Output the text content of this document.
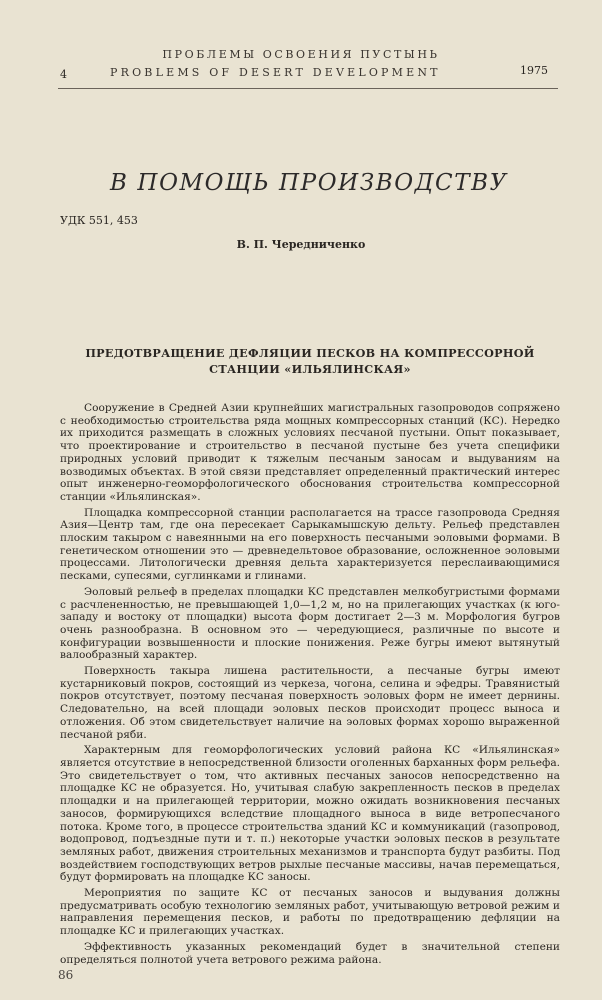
ПРОБЛЕМЫ ОСВОЕНИЯ ПУСТЫНЬ
4	PROBLEMS OF DESERT DEVELOPMENT	1975
В ПОМОЩЬ ПРОИЗВОДСТВУ
УДК 551, 453
В. П. Чередниченко
ПРЕДОТВРАЩЕНИЕ ДЕФЛЯЦИИ ПЕСКОВ НА КОМПРЕССОРНОЙ СТАНЦИИ «ИЛЬЯЛИНСКАЯ»

Сооружение в Средней Азии крупнейших магистральных газопроводов сопряжено с необходимостью строительства ряда мощных компрессорных станций (КС). Нередко их приходится размещать в сложных условиях песчаной пустыни. Опыт показывает, что проектирование и строительство в песчаной пустыне без учета специфики природных условий приводит к тяжелым песчаным заносам и выдуваниям на возводимых объектах. В этой связи представляет определенный практический интерес опыт инженерно-геоморфологического обоснования строительства компрессорной станции «Ильялинская».

Площадка компрессорной станции располагается на трассе газопровода Средняя Азия—Центр там, где она пересекает Сарыкамышскую дельту. Рельеф представлен плоским такыром с навеянными на его поверхность песчаными эоловыми формами. В генетическом отношении это — древнедельтовое образование, осложненное эоловыми процессами. Литологически древняя дельта характеризуется переслаивающимися песками, супесями, суглинками и глинами.

Эоловый рельеф в пределах площадки КС представлен мелкобугристыми формами с расчлененностью, не превышающей 1,0—1,2 м, но на прилегающих участках (к юго-западу и востоку от площадки) высота форм достигает 2—3 м. Морфология бугров очень разнообразна. В основном это — чередующиеся, различные по высоте и конфигурации возвышенности и плоские понижения. Реже бугры имеют вытянутый валообразный характер.

Поверхность такыра лишена растительности, а песчаные бугры имеют кустарниковый покров, состоящий из черкеза, чогона, селина и эфедры. Травянистый покров отсутствует, поэтому песчаная поверхность эоловых форм не имеет дернины. Следовательно, на всей площади эоловых песков происходит процесс выноса и отложения. Об этом свидетельствует наличие на эоловых формах хорошо выраженной песчаной ряби.

Характерным для геоморфологических условий района КС «Ильялинская» является отсутствие в непосредственной близости оголенных барханных форм рельефа. Это свидетельствует о том, что активных песчаных заносов непосредственно на площадке КС не образуется. Но, учитывая слабую закрепленность песков в пределах площадки и на прилегающей территории, можно ожидать возникновения песчаных заносов, формирующихся вследствие площадного выноса в виде ветропесчаного потока. Кроме того, в процессе строительства зданий КС и коммуникаций (газопровод, водопровод, подъездные пути и т. п.) некоторые участки эоловых песков в результате земляных работ, движения строительных механизмов и транспорта будут разбиты. Под воздействием господствующих ветров рыхлые песчаные массивы, начав перемещаться, будут формировать на площадке КС заносы.

Мероприятия по защите КС от песчаных заносов и выдувания должны предусматривать особую технологию земляных работ, учитывающую ветровой режим и направления перемещения песков, и работы по предотвращению дефляции на площадке КС и прилегающих участках.

Эффективность указанных рекомендаций будет в значительной степени определяться полнотой учета ветрового режима района.

86
